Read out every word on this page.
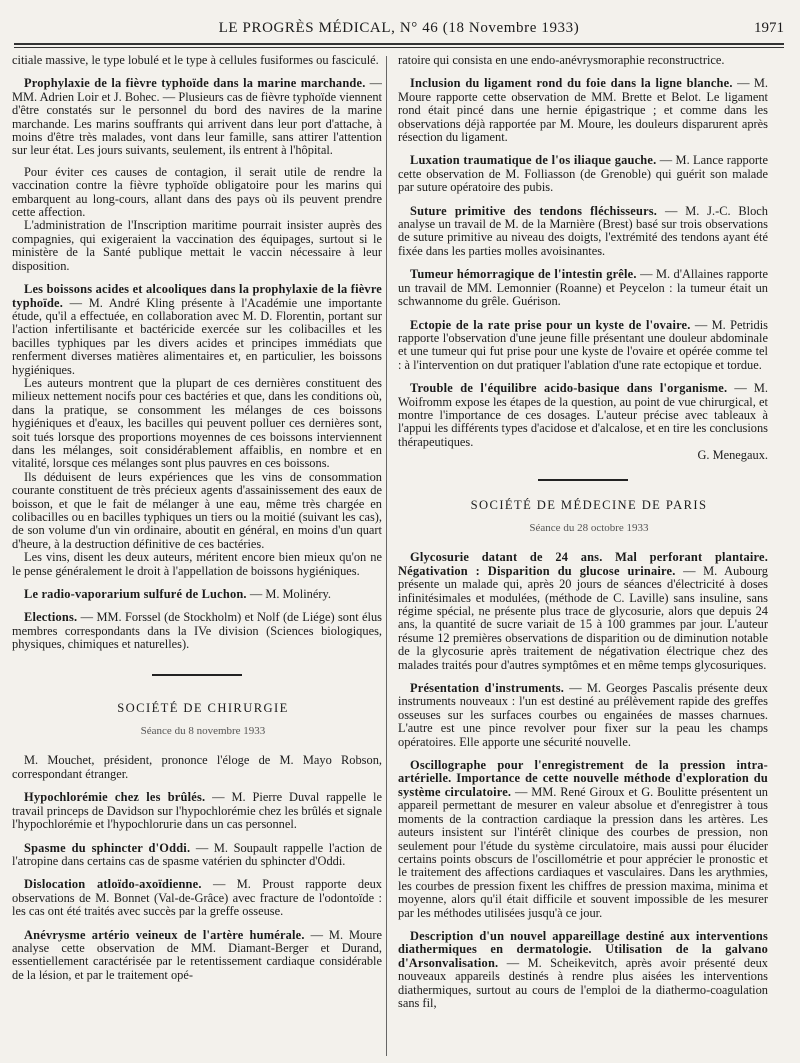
LE PROGRÈS MÉDICAL, N° 46 (18 Novembre 1933)	1971

citiale massive, le type lobulé et le type à cellules fusiformes ou fasciculé.

Prophylaxie de la fièvre typhoïde dans la marine marchande. — MM. Adrien Loir et J. Bohec. — Plusieurs cas de fièvre typhoïde viennent d'être constatés sur le personnel du bord des navires de la marine marchande. Les marins souffrants qui arrivent dans leur port d'attache, à moins d'être très malades, vont dans leur famille, sans attirer l'attention sur leur état. Les jours suivants, seulement, ils entrent à l'hôpital.

Pour éviter ces causes de contagion, il serait utile de rendre la vaccination contre la fièvre typhoïde obligatoire pour les marins qui embarquent au long-cours, allant dans des pays où ils peuvent prendre cette affection.

L'administration de l'Inscription maritime pourrait insister auprès des compagnies, qui exigeraient la vaccination des équipages, surtout si le ministère de la Santé publique mettait le vaccin nécessaire à leur disposition.

Les boissons acides et alcooliques dans la prophylaxie de la fièvre typhoïde. — M. André Kling présente à l'Académie une importante étude, qu'il a effectuée, en collaboration avec M. D. Florentin, portant sur l'action infertilisante et bactéricide exercée sur les colibacilles et les bacilles typhiques par les divers acides et principes immédiats que renferment diverses matières alimentaires et, en particulier, les boissons hygiéniques.

Les auteurs montrent que la plupart de ces dernières constituent des milieux nettement nocifs pour ces bactéries et que, dans les conditions où, dans la pratique, se consomment les mélanges de ces boissons hygiéniques et d'eaux, les bacilles qui peuvent polluer ces dernières sont, soit tués lorsque des proportions moyennes de ces boissons interviennent dans les mélanges, soit considérablement affaiblis, en nombre et en vitalité, lorsque ces mélanges sont plus pauvres en ces boissons.

Ils déduisent de leurs expériences que les vins de consommation courante constituent de très précieux agents d'assainissement des eaux de boisson, et que le fait de mélanger à une eau, même très chargée en colibacilles ou en bacilles typhiques un tiers ou la moitié (suivant les cas), de son volume d'un vin ordinaire, aboutit en général, en moins d'un quart d'heure, à la destruction définitive de ces bactéries.

Les vins, disent les deux auteurs, méritent encore bien mieux qu'on ne le pense généralement le droit à l'appellation de boissons hygiéniques.

Le radio-vaporarium sulfuré de Luchon. — M. Molinéry.

Elections. — MM. Forssel (de Stockholm) et Nolf (de Liége) sont élus membres correspondants dans la IVe division (Sciences biologiques, physiques, chimiques et naturelles).

SOCIÉTÉ DE CHIRURGIE

Séance du 8 novembre 1933

M. Mouchet, président, prononce l'éloge de M. Mayo Robson, correspondant étranger.

Hypochlorémie chez les brûlés. — M. Pierre Duval rappelle le travail princeps de Davidson sur l'hypochlorémie chez les brûlés et signale l'hypochlorémie et l'hypochlorurie dans un cas personnel.

Spasme du sphincter d'Oddi. — M. Soupault rappelle l'action de l'atropine dans certains cas de spasme vatérien du sphincter d'Oddi.

Dislocation atloïdo-axoïdienne. — M. Proust rapporte deux observations de M. Bonnet (Val-de-Grâce) avec fracture de l'odontoïde : les cas ont été traités avec succès par la greffe osseuse.

Anévrysme artério veineux de l'artère humérale. — M. Moure analyse cette observation de MM. Diamant-Berger et Durand, essentiellement caractérisée par le retentissement cardiaque considérable de la lésion, et par le traitement opé-

ratoire qui consista en une endo-anévrysmoraphie reconstructrice.

Inclusion du ligament rond du foie dans la ligne blanche. — M. Moure rapporte cette observation de MM. Brette et Belot. Le ligament rond était pincé dans une hernie épigastrique ; et comme dans les observations déjà rapportée par M. Moure, les douleurs disparurent après résection du ligament.

Luxation traumatique de l'os iliaque gauche. — M. Lance rapporte cette observation de M. Folliasson (de Grenoble) qui guérit son malade par suture opératoire des pubis.

Suture primitive des tendons fléchisseurs. — M. J.-C. Bloch analyse un travail de M. de la Marnière (Brest) basé sur trois observations de suture primitive au niveau des doigts, l'extrémité des tendons ayant été fixée dans les parties molles avoisinantes.

Tumeur hémorragique de l'intestin grêle. — M. d'Allaines rapporte un travail de MM. Lemonnier (Roanne) et Peycelon : la tumeur était un schwannome du grêle. Guérison.

Ectopie de la rate prise pour un kyste de l'ovaire. — M. Petridis rapporte l'observation d'une jeune fille présentant une douleur abdominale et une tumeur qui fut prise pour une kyste de l'ovaire et opérée comme tel : à l'intervention on dut pratiquer l'ablation d'une rate ectopique et tordue.

Trouble de l'équilibre acido-basique dans l'organisme. — M. Woifromm expose les étapes de la question, au point de vue chirurgical, et montre l'importance de ces dosages. L'auteur précise avec tableaux à l'appui les différents types d'acidose et d'alcalose, et en tire les conclusions thérapeutiques.

G. Menegaux.

SOCIÉTÉ DE MÉDECINE DE PARIS

Séance du 28 octobre 1933

Glycosurie datant de 24 ans. Mal perforant plantaire. Négativation : Disparition du glucose urinaire. — M. Aubourg présente un malade qui, après 20 jours de séances d'électricité à doses infinitésimales et modulées, (méthode de C. Laville) sans insuline, sans régime spécial, ne présente plus trace de glycosurie, alors que depuis 24 ans, la quantité de sucre variait de 15 à 100 grammes par jour. L'auteur résume 12 premières observations de disparition ou de diminution notable de la glycosurie après traitement de négativation électrique chez des malades traités pour d'autres symptômes et en même temps glycosuriques.

Présentation d'instruments. — M. Georges Pascalis présente deux instruments nouveaux : l'un est destiné au prélèvement rapide des greffes osseuses sur les surfaces courbes ou engainées de masses charnues. L'autre est une pince revolver pour fixer sur la peau les champs opératoires. Elle apporte une sécurité nouvelle.

Oscillographe pour l'enregistrement de la pression intra-artérielle. Importance de cette nouvelle méthode d'exploration du système circulatoire. — MM. René Giroux et G. Boulitte présentent un appareil permettant de mesurer en valeur absolue et d'enregistrer à tous moments de la contraction cardiaque la pression dans les artères. Les auteurs insistent sur l'intérêt clinique des courbes de pression, non seulement pour l'étude du système circulatoire, mais aussi pour élucider certains points obscurs de l'oscillométrie et pour apprécier le pronostic et le traitement des affections cardiaques et vasculaires. Dans les arythmies, les courbes de pression fixent les chiffres de pression maxima, minima et moyenne, alors qu'il était difficile et souvent impossible de les mesurer par les méthodes utilisées jusqu'à ce jour.

Description d'un nouvel appareillage destiné aux interventions diathermiques en dermatologie. Utilisation de la galvano d'Arsonvalisation. — M. Scheikevitch, après avoir présenté deux nouveaux appareils destinés à rendre plus aisées les interventions diathermiques, surtout au cours de l'emploi de la diathermo-coagulation sans fil,
